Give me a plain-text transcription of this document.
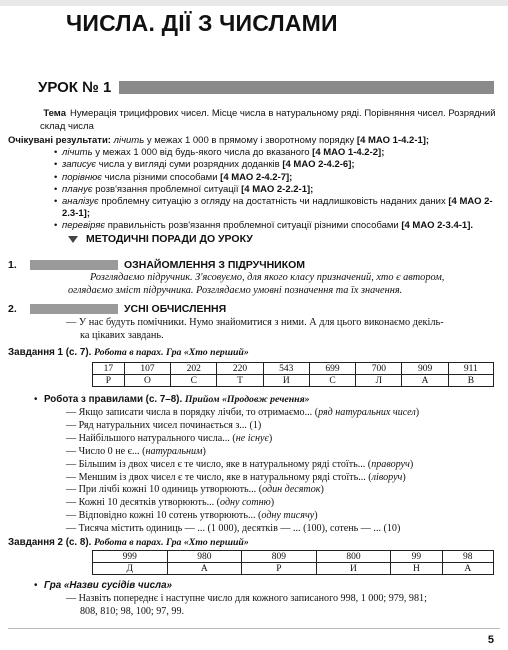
ЧИСЛА. ДІЇ З ЧИСЛАМИ
УРОК № 1
Тема Нумерація трицифрових чисел. Місце числа в натуральному ряді. Порівняння чисел. Розрядний склад числа
Очікувані результати: лічить у межах 1 000 в прямому і зворотному порядку [4 МАО 1-4.2-1];
• лічить у межах 1 000 від будь-якого числа до вказаного [4 МАО 1-4.2-2];
• записує числа у вигляді суми розрядних доданків [4 МАО 2-4.2-6];
• порівнює числа різними способами [4 МАО 2-4.2-7];
• планує розв'язання проблемної ситуації [4 МАО 2-2.2-1];
• аналізує проблемну ситуацію з огляду на достатність чи надлишковість наданих даних [4 МАО 2-2.3-1];
• перевіряє правильність розв'язання проблемної ситуації різними способами [4 МАО 2-3.4-1].
МЕТОДИЧНІ ПОРАДИ ДО УРОКУ
1.	ОЗНАЙОМЛЕННЯ З ПІДРУЧНИКОМ
Розглядаємо підручник. З'ясовуємо, для якого класу призначений, хто є автором,
оглядаємо зміст підручника. Розглядаємо умовні позначення та їх значення.
2.	УСНІ ОБЧИСЛЕННЯ
— У нас будуть помічники. Нумо знайомитися з ними. А для цього виконаємо декіль-
ка цікавих завдань.
Завдання 1 (с. 7). Робота в парах. Гра «Хто перший»
17	107	202	220	543	699	700	909	911
Р	О	С	Т	И	С	Л	А	В
• Робота з правилами (с. 7–8). Прийом «Продовж речення»
— Якщо записати числа в порядку лічби, то отримаємо... (ряд натуральних чисел)
— Ряд натуральних чисел починається з... (1)
— Найбільшого натурального числа... (не існує)
— Число 0 не є... (натуральним)
— Більшим із двох чисел є те число, яке в натуральному ряді стоїть... (праворуч)
— Меншим із двох чисел є те число, яке в натуральному ряді стоїть... (ліворуч)
— При лічбі кожні 10 одиниць утворюють... (один десяток)
— Кожні 10 десятків утворюють... (одну сотню)
— Відповідно кожні 10 сотень утворюють... (одну тисячу)
— Тисяча містить одиниць — ... (1 000), десятків — ... (100), сотень — ... (10)
Завдання 2 (с. 8). Робота в парах. Гра «Хто перший»
999	980	809	800	99	98
Д	А	Р	И	Н	А
• Гра «Назви сусідів числа»
— Назвіть попереднє і наступне число для кожного записаного 998, 1 000; 979, 981;
808, 810; 98, 100; 97, 99.
5
